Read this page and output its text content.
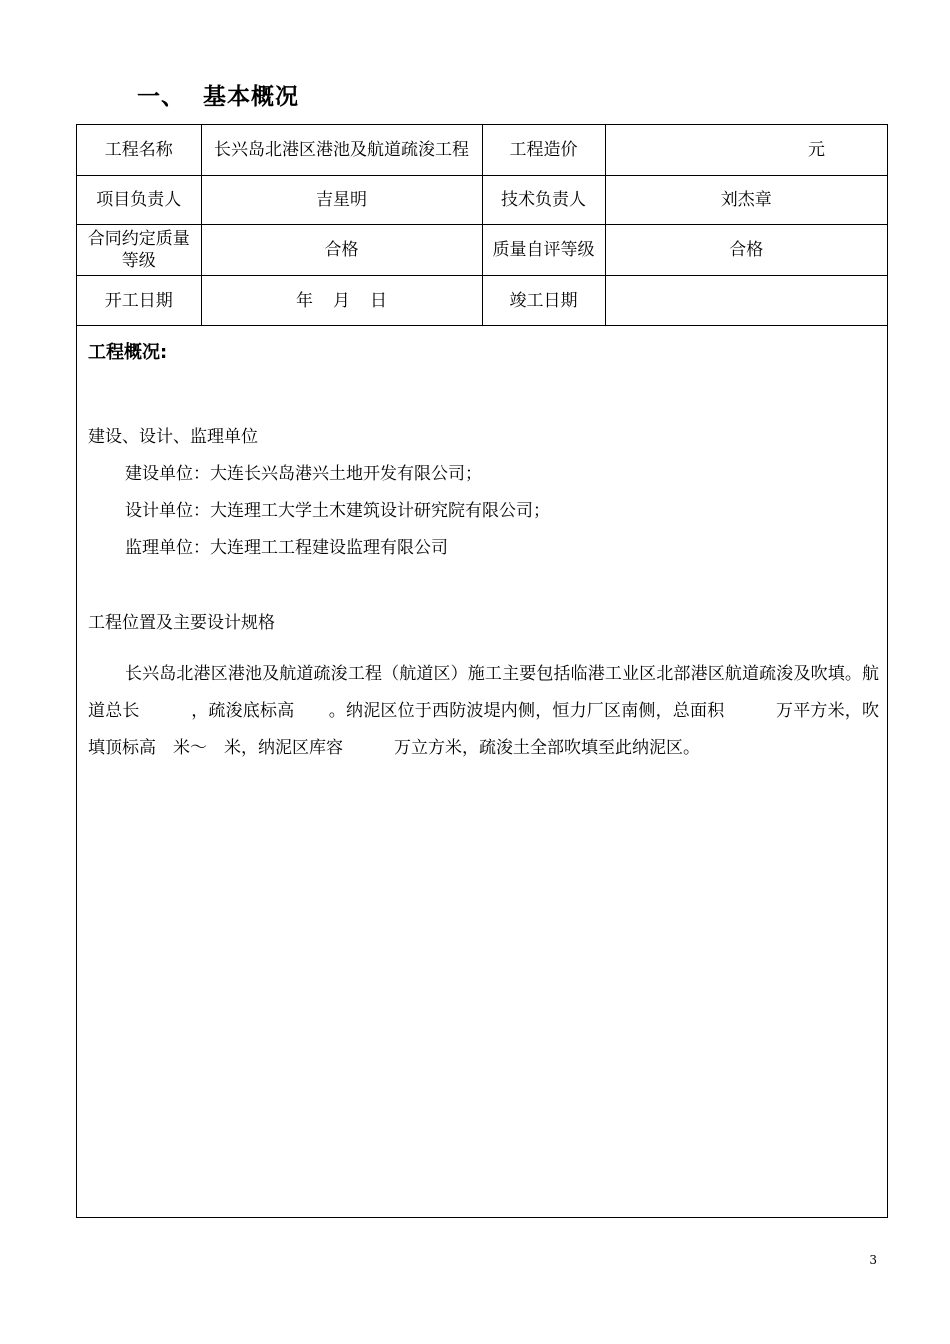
一、 基本概况
工程名称	长兴岛北港区港池及航道疏浚工程	工程造价	元
项目负责人	吉星明	技术负责人	刘杰章
合同约定质量等级	合格	质量自评等级	合格
开工日期	年 月 日	竣工日期	
工程概况:
建设、设计、监理单位
建设单位：大连长兴岛港兴土地开发有限公司；
设计单位：大连理工大学土木建筑设计研究院有限公司；
监理单位：大连理工工程建设监理有限公司
工程位置及主要设计规格
长兴岛北港区港池及航道疏浚工程（航道区）施工主要包括临港工业区北部港区航道疏浚及吹填。航道总长　　　，疏浚底标高　　。纳泥区位于西防波堤内侧，恒力厂区南侧，总面积　　　万平方米，吹填顶标高　米～　米，纳泥区库容　　　万立方米，疏浚土全部吹填至此纳泥区。
3
